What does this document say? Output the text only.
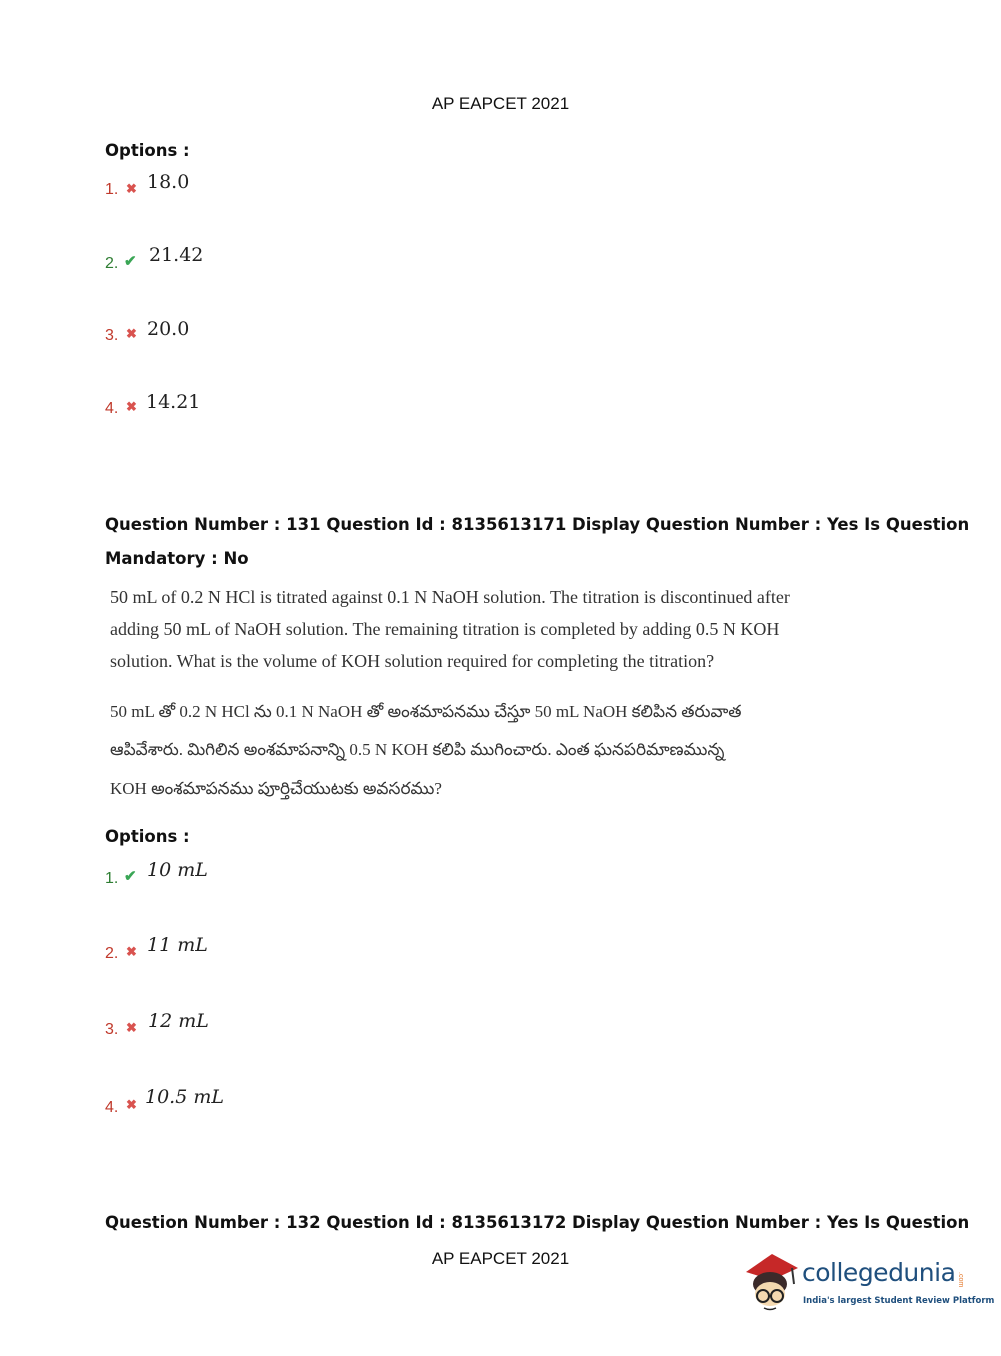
AP EAPCET 2021
Options :
1. ✖ 18.0
2. ✔ 21.42
3. ✖ 20.0
4. ✖ 14.21
Question Number : 131 Question Id : 8135613171 Display Question Number : Yes Is Question
Mandatory : No
50 mL of 0.2 N HCl is titrated against 0.1 N NaOH solution. The titration is discontinued after
adding 50 mL of NaOH solution. The remaining titration is completed by adding 0.5 N KOH
solution. What is the volume of KOH solution required for completing the titration?
50 mL తో 0.2 N HCl ను 0.1 N NaOH తో అంశమాపనము చేస్తూ 50 mL NaOH కలిపిన తరువాత
ఆపివేశారు. మిగిలిన అంశమాపనాన్ని 0.5 N KOH కలిపి ముగించారు. ఎంత ఘనపరిమాణమున్న
KOH అంశమాపనము పూర్తిచేయుటకు అవసరము?
Options :
1. ✔ 10 mL
2. ✖ 11 mL
3. ✖ 12 mL
4. ✖ 10.5 mL
Question Number : 132 Question Id : 8135613172 Display Question Number : Yes Is Question
AP EAPCET 2021	collegedunia .com
India's largest Student Review Platform
